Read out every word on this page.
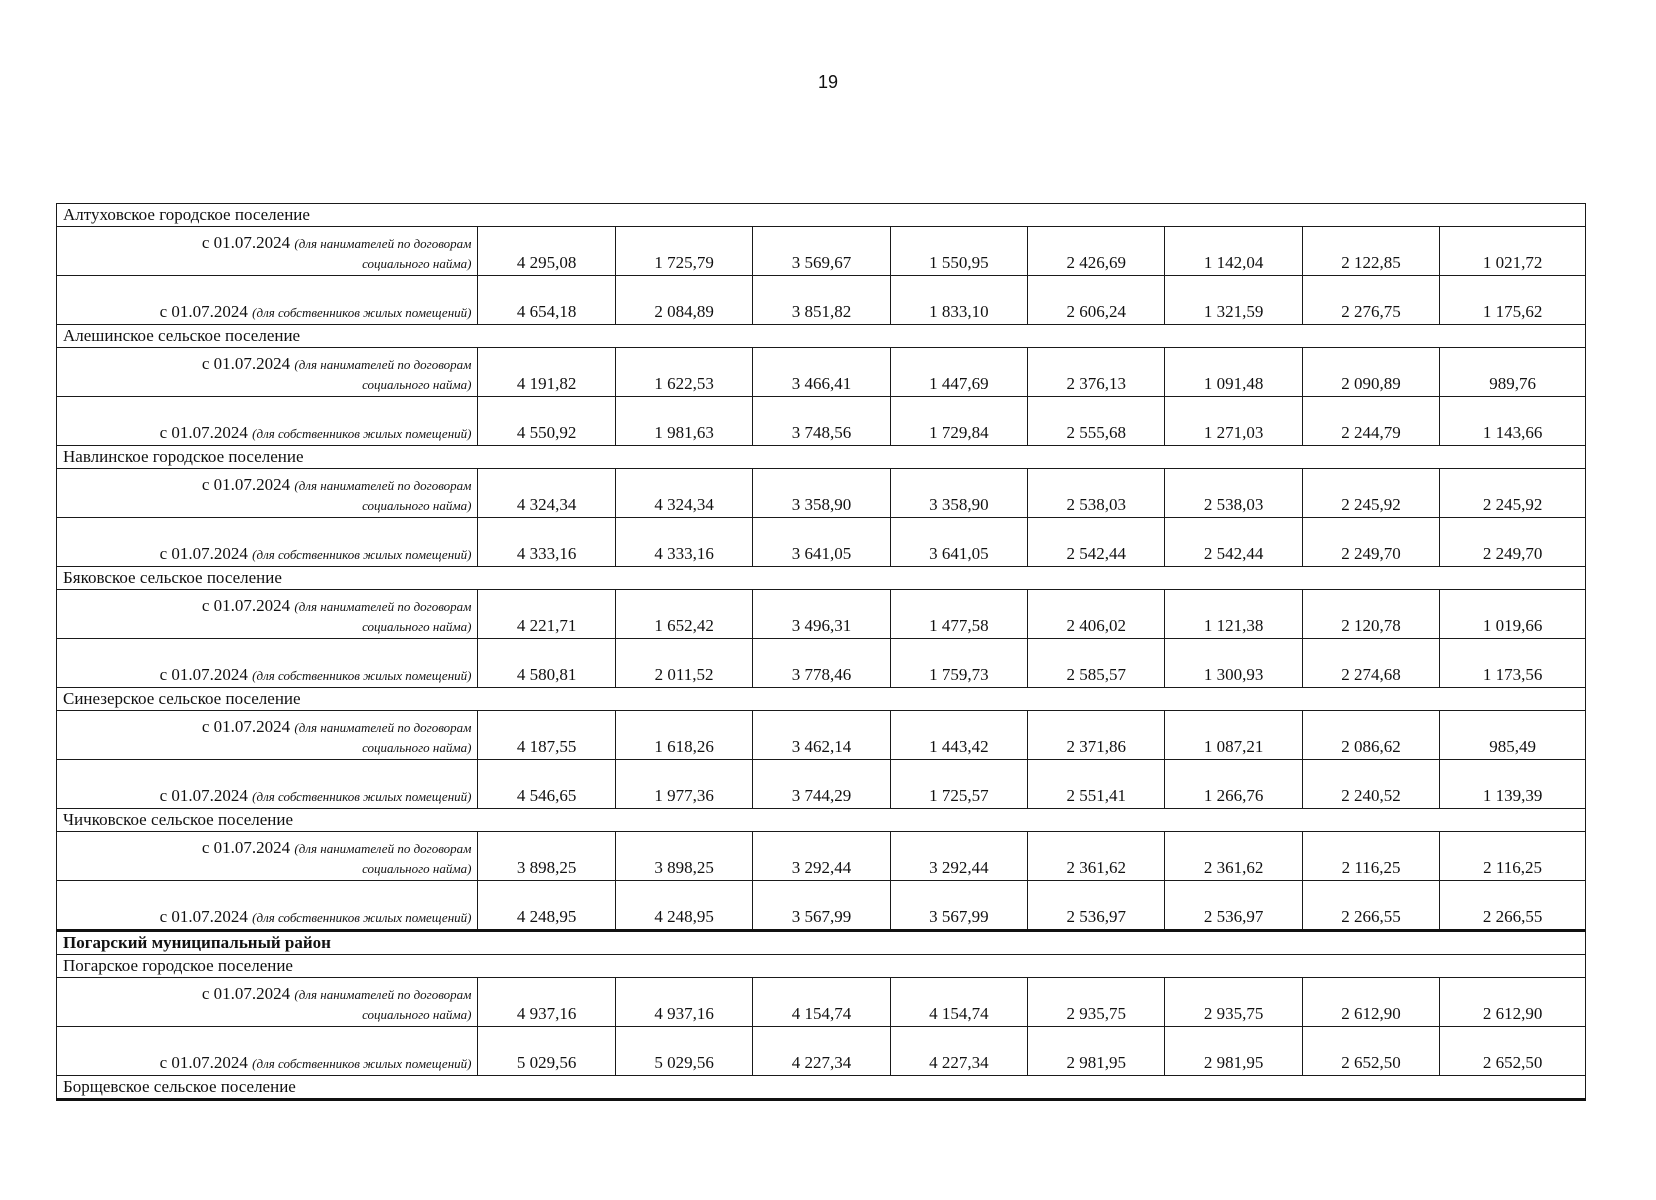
19
Алтуховское городское поселение								

с 01.07.2024 (для нанимателей по договорам
социального найма)	4 295,08	1 725,79	3 569,67	1 550,95	2 426,69	1 142,04	2 122,85	1 021,72
с 01.07.2024 (для собственников жилых помещений)	4 654,18	2 084,89	3 851,82	1 833,10	2 606,24	1 321,59	2 276,75	1 175,62
Алешинское сельское поселение								

с 01.07.2024 (для нанимателей по договорам
социального найма)	4 191,82	1 622,53	3 466,41	1 447,69	2 376,13	1 091,48	2 090,89	989,76
с 01.07.2024 (для собственников жилых помещений)	4 550,92	1 981,63	3 748,56	1 729,84	2 555,68	1 271,03	2 244,79	1 143,66
Навлинское городское поселение								

с 01.07.2024 (для нанимателей по договорам
социального найма)	4 324,34	4 324,34	3 358,90	3 358,90	2 538,03	2 538,03	2 245,92	2 245,92
с 01.07.2024 (для собственников жилых помещений)	4 333,16	4 333,16	3 641,05	3 641,05	2 542,44	2 542,44	2 249,70	2 249,70
Бяковское сельское поселение								

с 01.07.2024 (для нанимателей по договорам
социального найма)	4 221,71	1 652,42	3 496,31	1 477,58	2 406,02	1 121,38	2 120,78	1 019,66
с 01.07.2024 (для собственников жилых помещений)	4 580,81	2 011,52	3 778,46	1 759,73	2 585,57	1 300,93	2 274,68	1 173,56
Синезерское сельское поселение								

с 01.07.2024 (для нанимателей по договорам
социального найма)	4 187,55	1 618,26	3 462,14	1 443,42	2 371,86	1 087,21	2 086,62	985,49
с 01.07.2024 (для собственников жилых помещений)	4 546,65	1 977,36	3 744,29	1 725,57	2 551,41	1 266,76	2 240,52	1 139,39
Чичковское сельское поселение								

с 01.07.2024 (для нанимателей по договорам
социального найма)	3 898,25	3 898,25	3 292,44	3 292,44	2 361,62	2 361,62	2 116,25	2 116,25
с 01.07.2024 (для собственников жилых помещений)	4 248,95	4 248,95	3 567,99	3 567,99	2 536,97	2 536,97	2 266,55	2 266,55
Погарский муниципальный район								
Погарское городское поселение								

с 01.07.2024 (для нанимателей по договорам
социального найма)	4 937,16	4 937,16	4 154,74	4 154,74	2 935,75	2 935,75	2 612,90	2 612,90
с 01.07.2024 (для собственников жилых помещений)	5 029,56	5 029,56	4 227,34	4 227,34	2 981,95	2 981,95	2 652,50	2 652,50
Борщевское сельское поселение								
